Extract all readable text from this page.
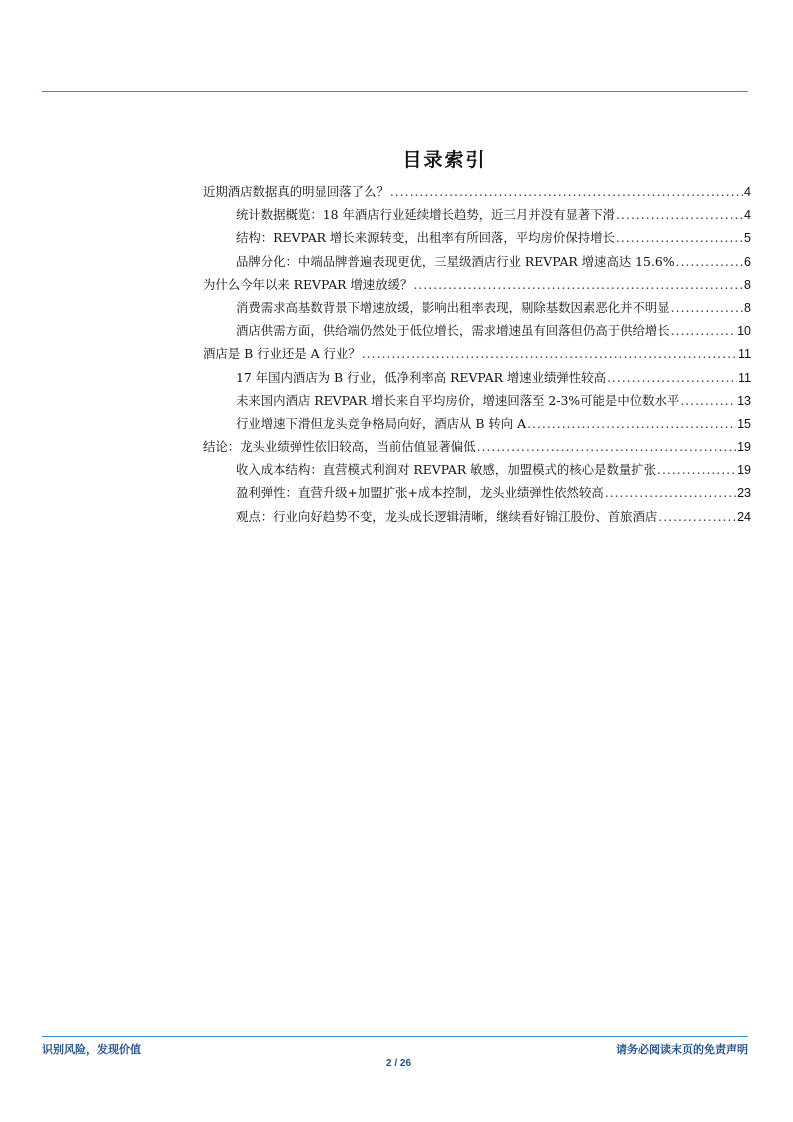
目录索引
近期酒店数据真的明显回落了么？ .....	4
统计数据概览：18 年酒店行业延续增长趋势，近三月并没有显著下滑 .....	4
结构：REVPAR 增长来源转变，出租率有所回落，平均房价保持增长 .....	5
品牌分化：中端品牌普遍表现更优，三星级酒店行业 REVPAR 增速高达 15.6% .....	6
为什么今年以来 REVPAR 增速放缓？ .....	8
消费需求高基数背景下增速放缓，影响出租率表现，剔除基数因素恶化并不明显 .....	8
酒店供需方面，供给端仍然处于低位增长，需求增速虽有回落但仍高于供给增长 .....	10
酒店是 B 行业还是 A 行业？ .....	11
17 年国内酒店为 B 行业，低净利率高 REVPAR 增速业绩弹性较高 .....	11
未来国内酒店 REVPAR 增长来自平均房价，增速回落至 2-3%可能是中位数水平 .....	13
行业增速下滑但龙头竞争格局向好，酒店从 B 转向 A .....	15
结论：龙头业绩弹性依旧较高，当前估值显著偏低 .....	19
收入成本结构：直营模式利润对 REVPAR 敏感，加盟模式的核心是数量扩张 .....	19
盈利弹性：直营升级+加盟扩张+成本控制，龙头业绩弹性依然较高 .....	23
观点：行业向好趋势不变，龙头成长逻辑清晰，继续看好锦江股份、首旅酒店 .....	24
识别风险，发现价值	请务必阅读末页的免责声明
2 / 26
